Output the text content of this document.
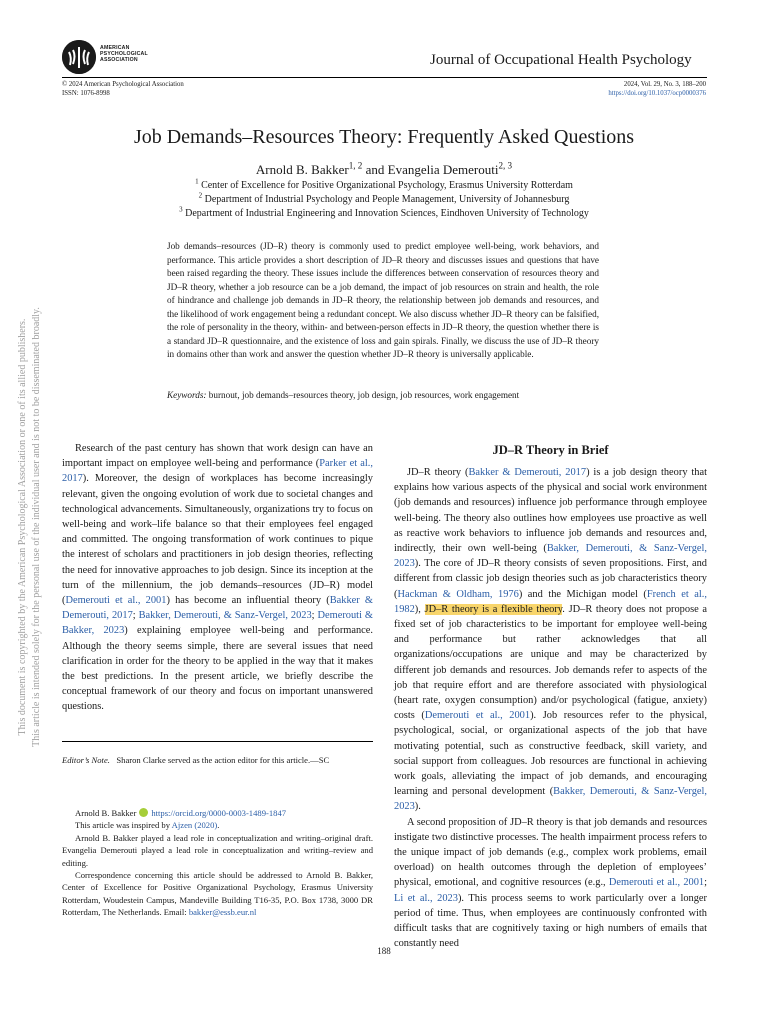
AMERICAN
PSYCHOLOGICAL
ASSOCIATION	Journal of Occupational Health Psychology
© 2024 American Psychological Association
ISSN: 1076-8998
2024, Vol. 29, No. 3, 188–200
https://doi.org/10.1037/ocp0000376
Job Demands–Resources Theory: Frequently Asked Questions
Arnold B. Bakker$^{1, 2}$ and Evangelia Demerouti$^{2, 3}$
$^1$ Center of Excellence for Positive Organizational Psychology, Erasmus University Rotterdam
$^2$ Department of Industrial Psychology and People Management, University of Johannesburg
$^3$ Department of Industrial Engineering and Innovation Sciences, Eindhoven University of Technology
Job demands–resources (JD–R) theory is commonly used to predict employee well-being, work behaviors, and performance. This article provides a short description of JD–R theory and discusses issues and questions that have been raised regarding the theory. These issues include the differences between conservation of resources theory and JD–R theory, whether a job resource can be a job demand, the impact of job resources on strain and health, the role of hindrance and challenge job demands in JD–R theory, the relationship between job demands and resources, and the likelihood of work engagement being a redundant concept. We also discuss whether JD–R theory can be falsified, the role of personality in the theory, within- and between-person effects in JD–R theory, the question whether there is a standard JD–R questionnaire, and the existence of loss and gain spirals. Finally, we discuss the use of JD–R theory in domains other than work and answer the question whether JD–R theory is universally applicable.
Keywords: burnout, job demands–resources theory, job design, job resources, work engagement

Research of the past century has shown that work design can have an important impact on employee well-being and performance (Parker et al., 2017). Moreover, the design of workplaces has become increasingly relevant, given the ongoing evolution of work due to societal changes and technological advancements. Simultaneously, organizations try to focus on well-being and work–life balance so that their employees feel engaged and committed. The ongoing transformation of work continues to pique the interest of scholars and practitioners in job design theories, reflecting the need for innovative approaches to job design. Since its inception at the turn of the millennium, the job demands–resources (JD–R) model (Demerouti et al., 2001) has become an influential theory (Bakker & Demerouti, 2017; Bakker, Demerouti, & Sanz-Vergel, 2023; Demerouti & Bakker, 2023) explaining employee well-being and performance. Although the theory seems simple, there are several issues that need clarification in order for the theory to be applied in the way that it makes the best predictions. In the present article, we briefly describe the conceptual framework of our theory and focus on important unanswered questions.

Editor’s Note. Sharon Clarke served as the action editor for this article.—SC

Arnold B. Bakker https://orcid.org/0000-0003-1489-1847

This article was inspired by Ajzen (2020).

Arnold B. Bakker played a lead role in conceptualization and writing–original draft. Evangelia Demerouti played a lead role in conceptualization and writing–review and editing.

Correspondence concerning this article should be addressed to Arnold B. Bakker, Center of Excellence for Positive Organizational Psychology, Erasmus University Rotterdam, Woudestein Campus, Mandeville Building T16-35, P.O. Box 1738, 3000 DR Rotterdam, The Netherlands. Email: bakker@essb.eur.nl

JD–R Theory in Brief

JD–R theory (Bakker & Demerouti, 2017) is a job design theory that explains how various aspects of the physical and social work environment (job demands and resources) influence job performance through employee well-being. The theory also outlines how employees use proactive as well as reactive work behaviors to influence job demands and resources and, indirectly, their own well-being (Bakker, Demerouti, & Sanz-Vergel, 2023). The core of JD–R theory consists of seven propositions. First, and different from classic job design theories such as job characteristics theory (Hackman & Oldham, 1976) and the Michigan model (French et al., 1982), JD–R theory is a flexible theory. JD–R theory does not propose a fixed set of job characteristics to be important for employee well-being and performance but rather acknowledges that all organizations/occupations are unique and may be characterized by different job demands and resources. Job demands refer to aspects of the job that require effort and are therefore associated with physiological (heart rate, oxygen consumption) and/or psychological (fatigue, anxiety) costs (Demerouti et al., 2001). Job resources refer to the physical, psychological, social, or organizational aspects of the job that have motivating potential, such as constructive feedback, skill variety, and social support from colleagues. Job resources are functional in achieving work goals, alleviating the impact of job demands, and encouraging learning and personal development (Bakker, Demerouti, & Sanz-Vergel, 2023).

A second proposition of JD–R theory is that job demands and resources instigate two distinctive processes. The health impairment process refers to the unique impact of job demands (e.g., complex work problems, email overload) on health outcomes through the depletion of employees’ physical, emotional, and cognitive resources (e.g., Demerouti et al., 2001; Li et al., 2023). This process seems to work particularly over a longer period of time. Thus, when employees are continuously confronted with difficult tasks that are cognitively taxing or high numbers of emails that constantly need

188
This document is copyrighted by the American Psychological Association or one of its allied publishers. This article is intended solely for the personal use of the individual user and is not to be disseminated broadly.
